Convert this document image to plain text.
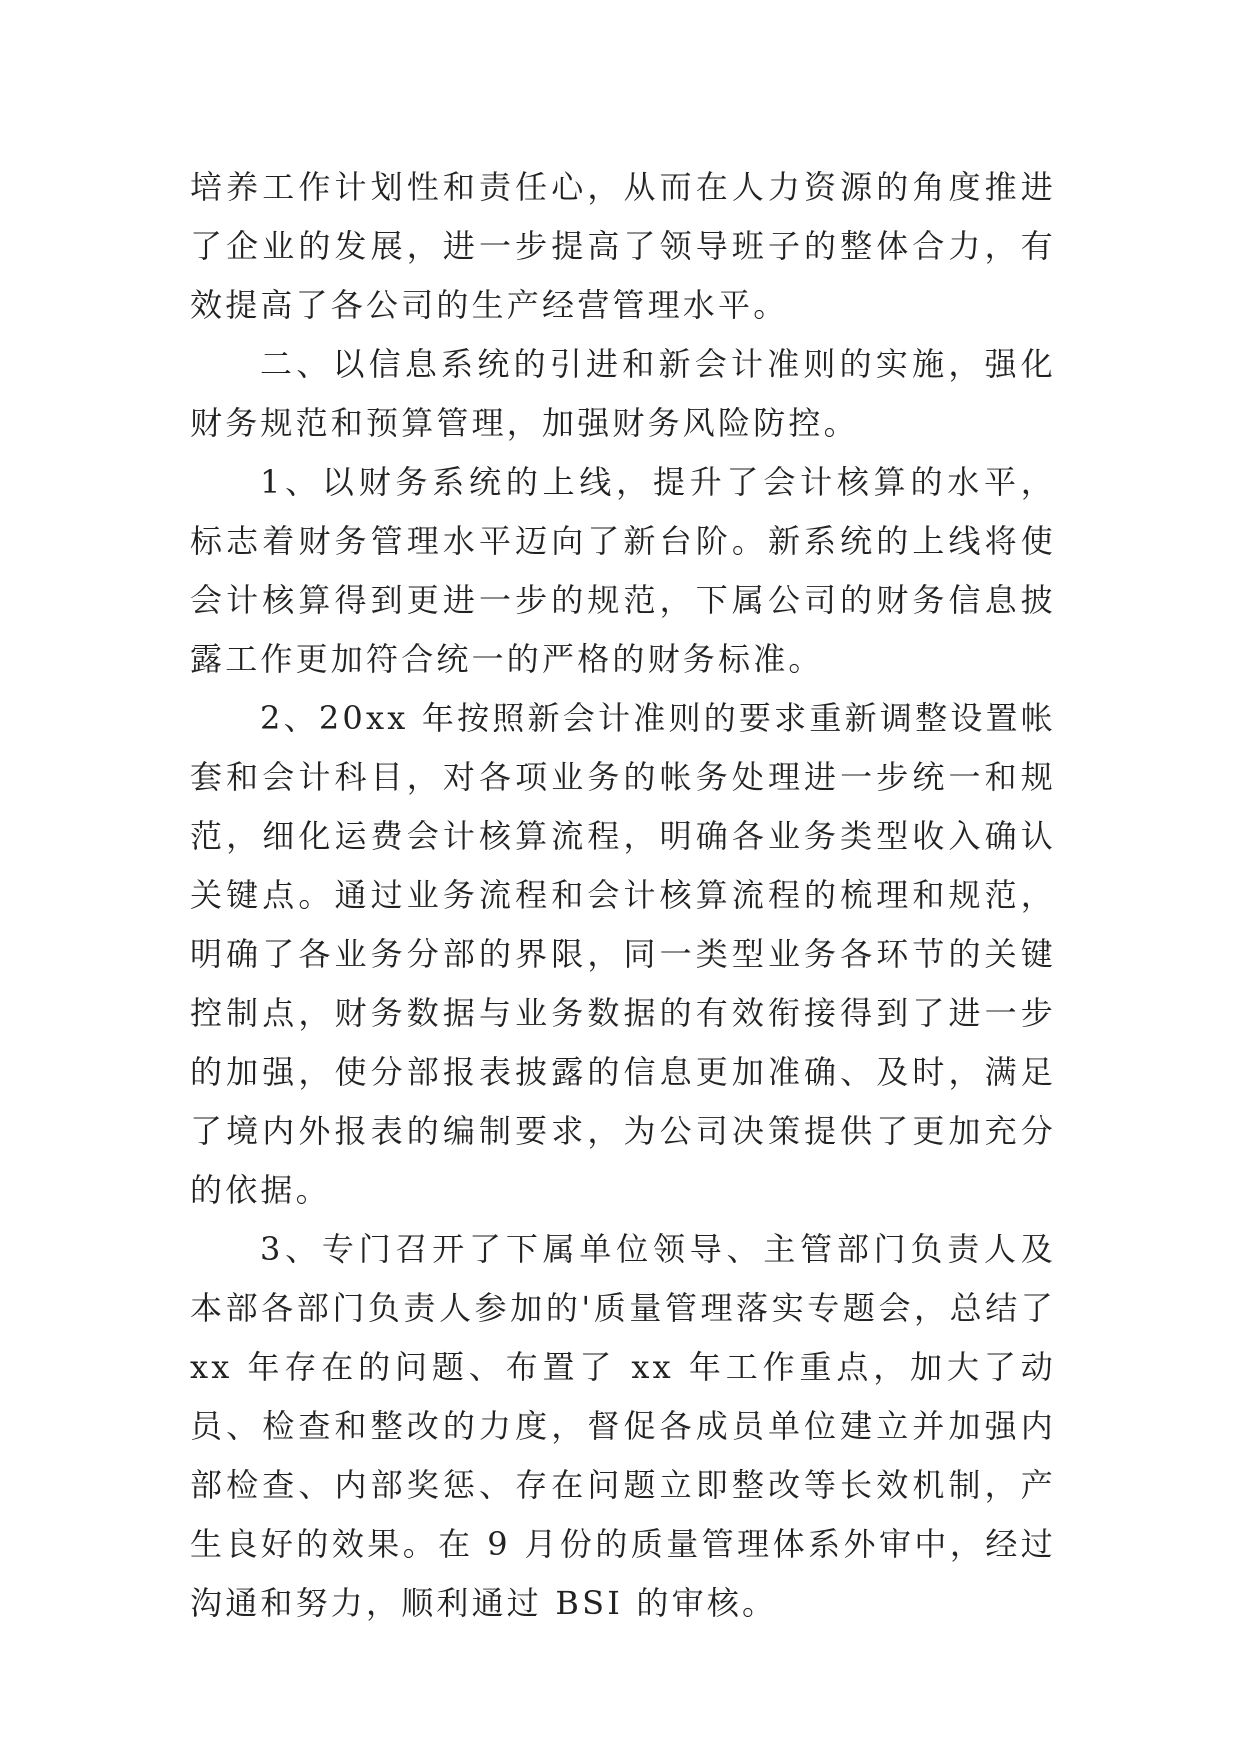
培养工作计划性和责任心，从而在人力资源的角度推进了企业的发展，进一步提高了领导班子的整体合力，有效提高了各公司的生产经营管理水平。

二、以信息系统的引进和新会计准则的实施，强化财务规范和预算管理，加强财务风险防控。

1、以财务系统的上线，提升了会计核算的水平，标志着财务管理水平迈向了新台阶。新系统的上线将使会计核算得到更进一步的规范，下属公司的财务信息披露工作更加符合统一的严格的财务标准。

2、20xx 年按照新会计准则的要求重新调整设置帐套和会计科目，对各项业务的帐务处理进一步统一和规范，细化运费会计核算流程，明确各业务类型收入确认关键点。通过业务流程和会计核算流程的梳理和规范，明确了各业务分部的界限，同一类型业务各环节的关键控制点，财务数据与业务数据的有效衔接得到了进一步的加强，使分部报表披露的信息更加准确、及时，满足了境内外报表的编制要求，为公司决策提供了更加充分的依据。

3、专门召开了下属单位领导、主管部门负责人及本部各部门负责人参加的'质量管理落实专题会，总结了 xx 年存在的问题、布置了 xx 年工作重点，加大了动员、检查和整改的力度，督促各成员单位建立并加强内部检查、内部奖惩、存在问题立即整改等长效机制，产生良好的效果。在 9 月份的质量管理体系外审中，经过沟通和努力，顺利通过 BSI 的审核。
